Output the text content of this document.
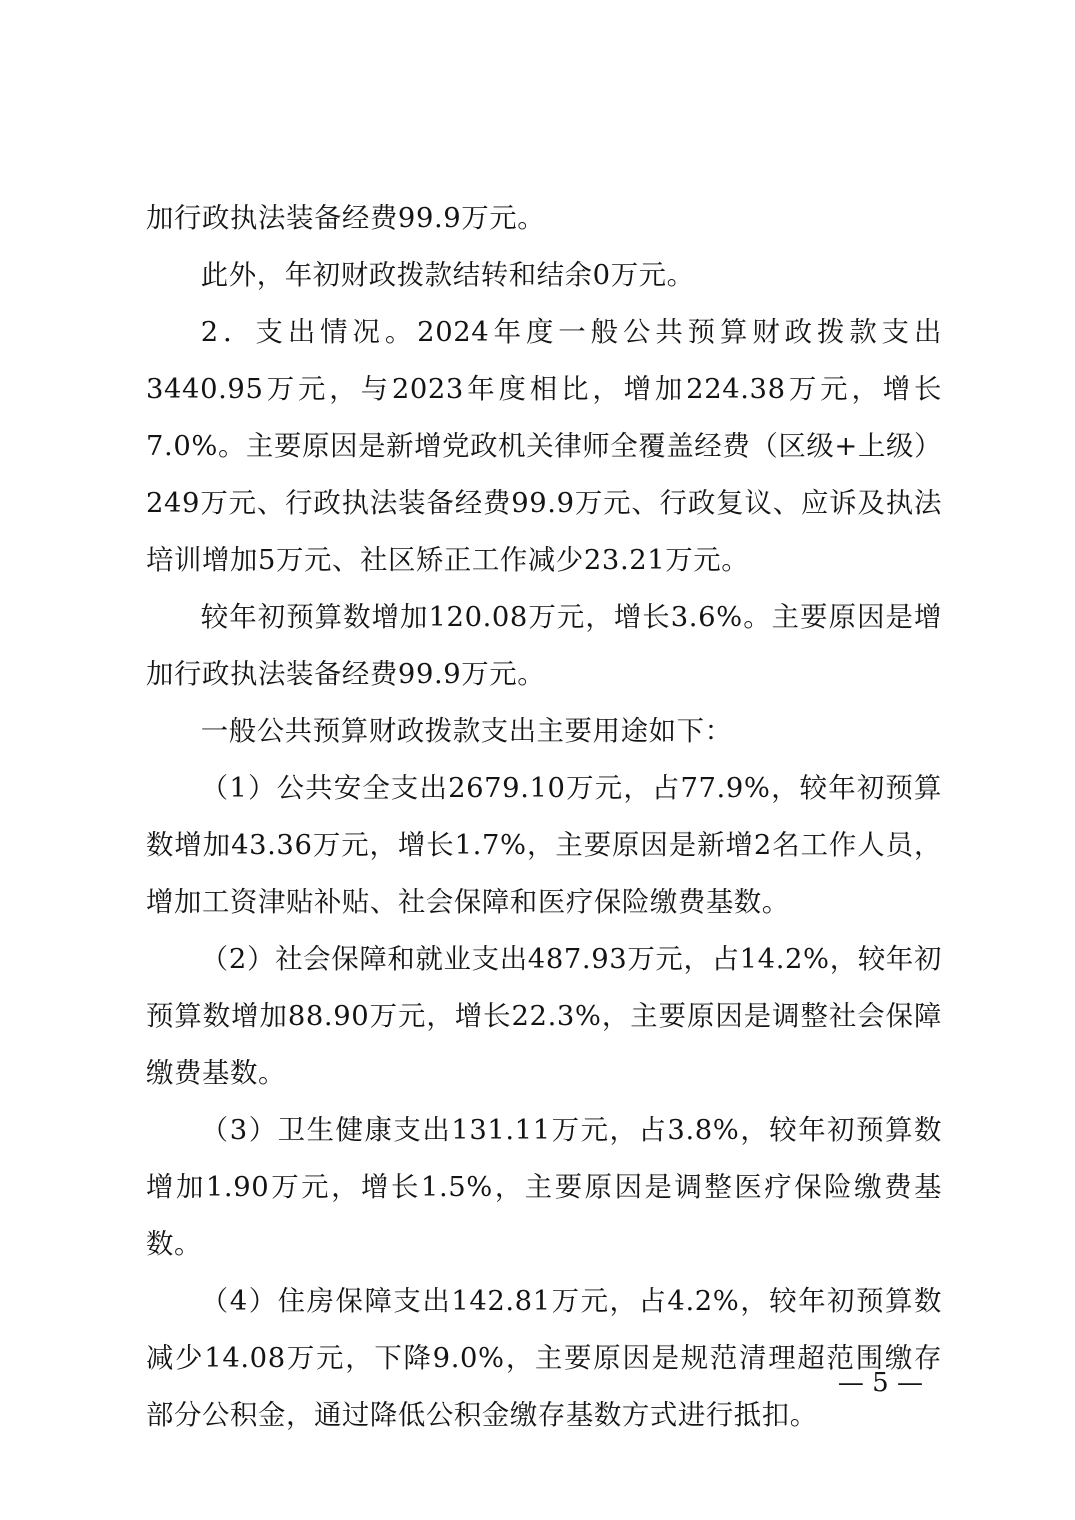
加行政执法装备经费99.9万元。

此外，年初财政拨款结转和结余0万元。

2．支出情况。2024年度一般公共预算财政拨款支出3440.95万元，与2023年度相比，增加224.38万元，增长7.0%。主要原因是新增党政机关律师全覆盖经费（区级+上级）249万元、行政执法装备经费99.9万元、行政复议、应诉及执法培训增加5万元、社区矫正工作减少23.21万元。

较年初预算数增加120.08万元，增长3.6%。主要原因是增加行政执法装备经费99.9万元。

一般公共预算财政拨款支出主要用途如下：

（1）公共安全支出2679.10万元，占77.9%，较年初预算数增加43.36万元，增长1.7%，主要原因是新增2名工作人员，增加工资津贴补贴、社会保障和医疗保险缴费基数。

（2）社会保障和就业支出487.93万元，占14.2%，较年初预算数增加88.90万元，增长22.3%，主要原因是调整社会保障缴费基数。

（3）卫生健康支出131.11万元，占3.8%，较年初预算数增加1.90万元，增长1.5%，主要原因是调整医疗保险缴费基数。

（4）住房保障支出142.81万元，占4.2%，较年初预算数减少14.08万元，下降9.0%，主要原因是规范清理超范围缴存部分公积金，通过降低公积金缴存基数方式进行抵扣。

— 5 —
